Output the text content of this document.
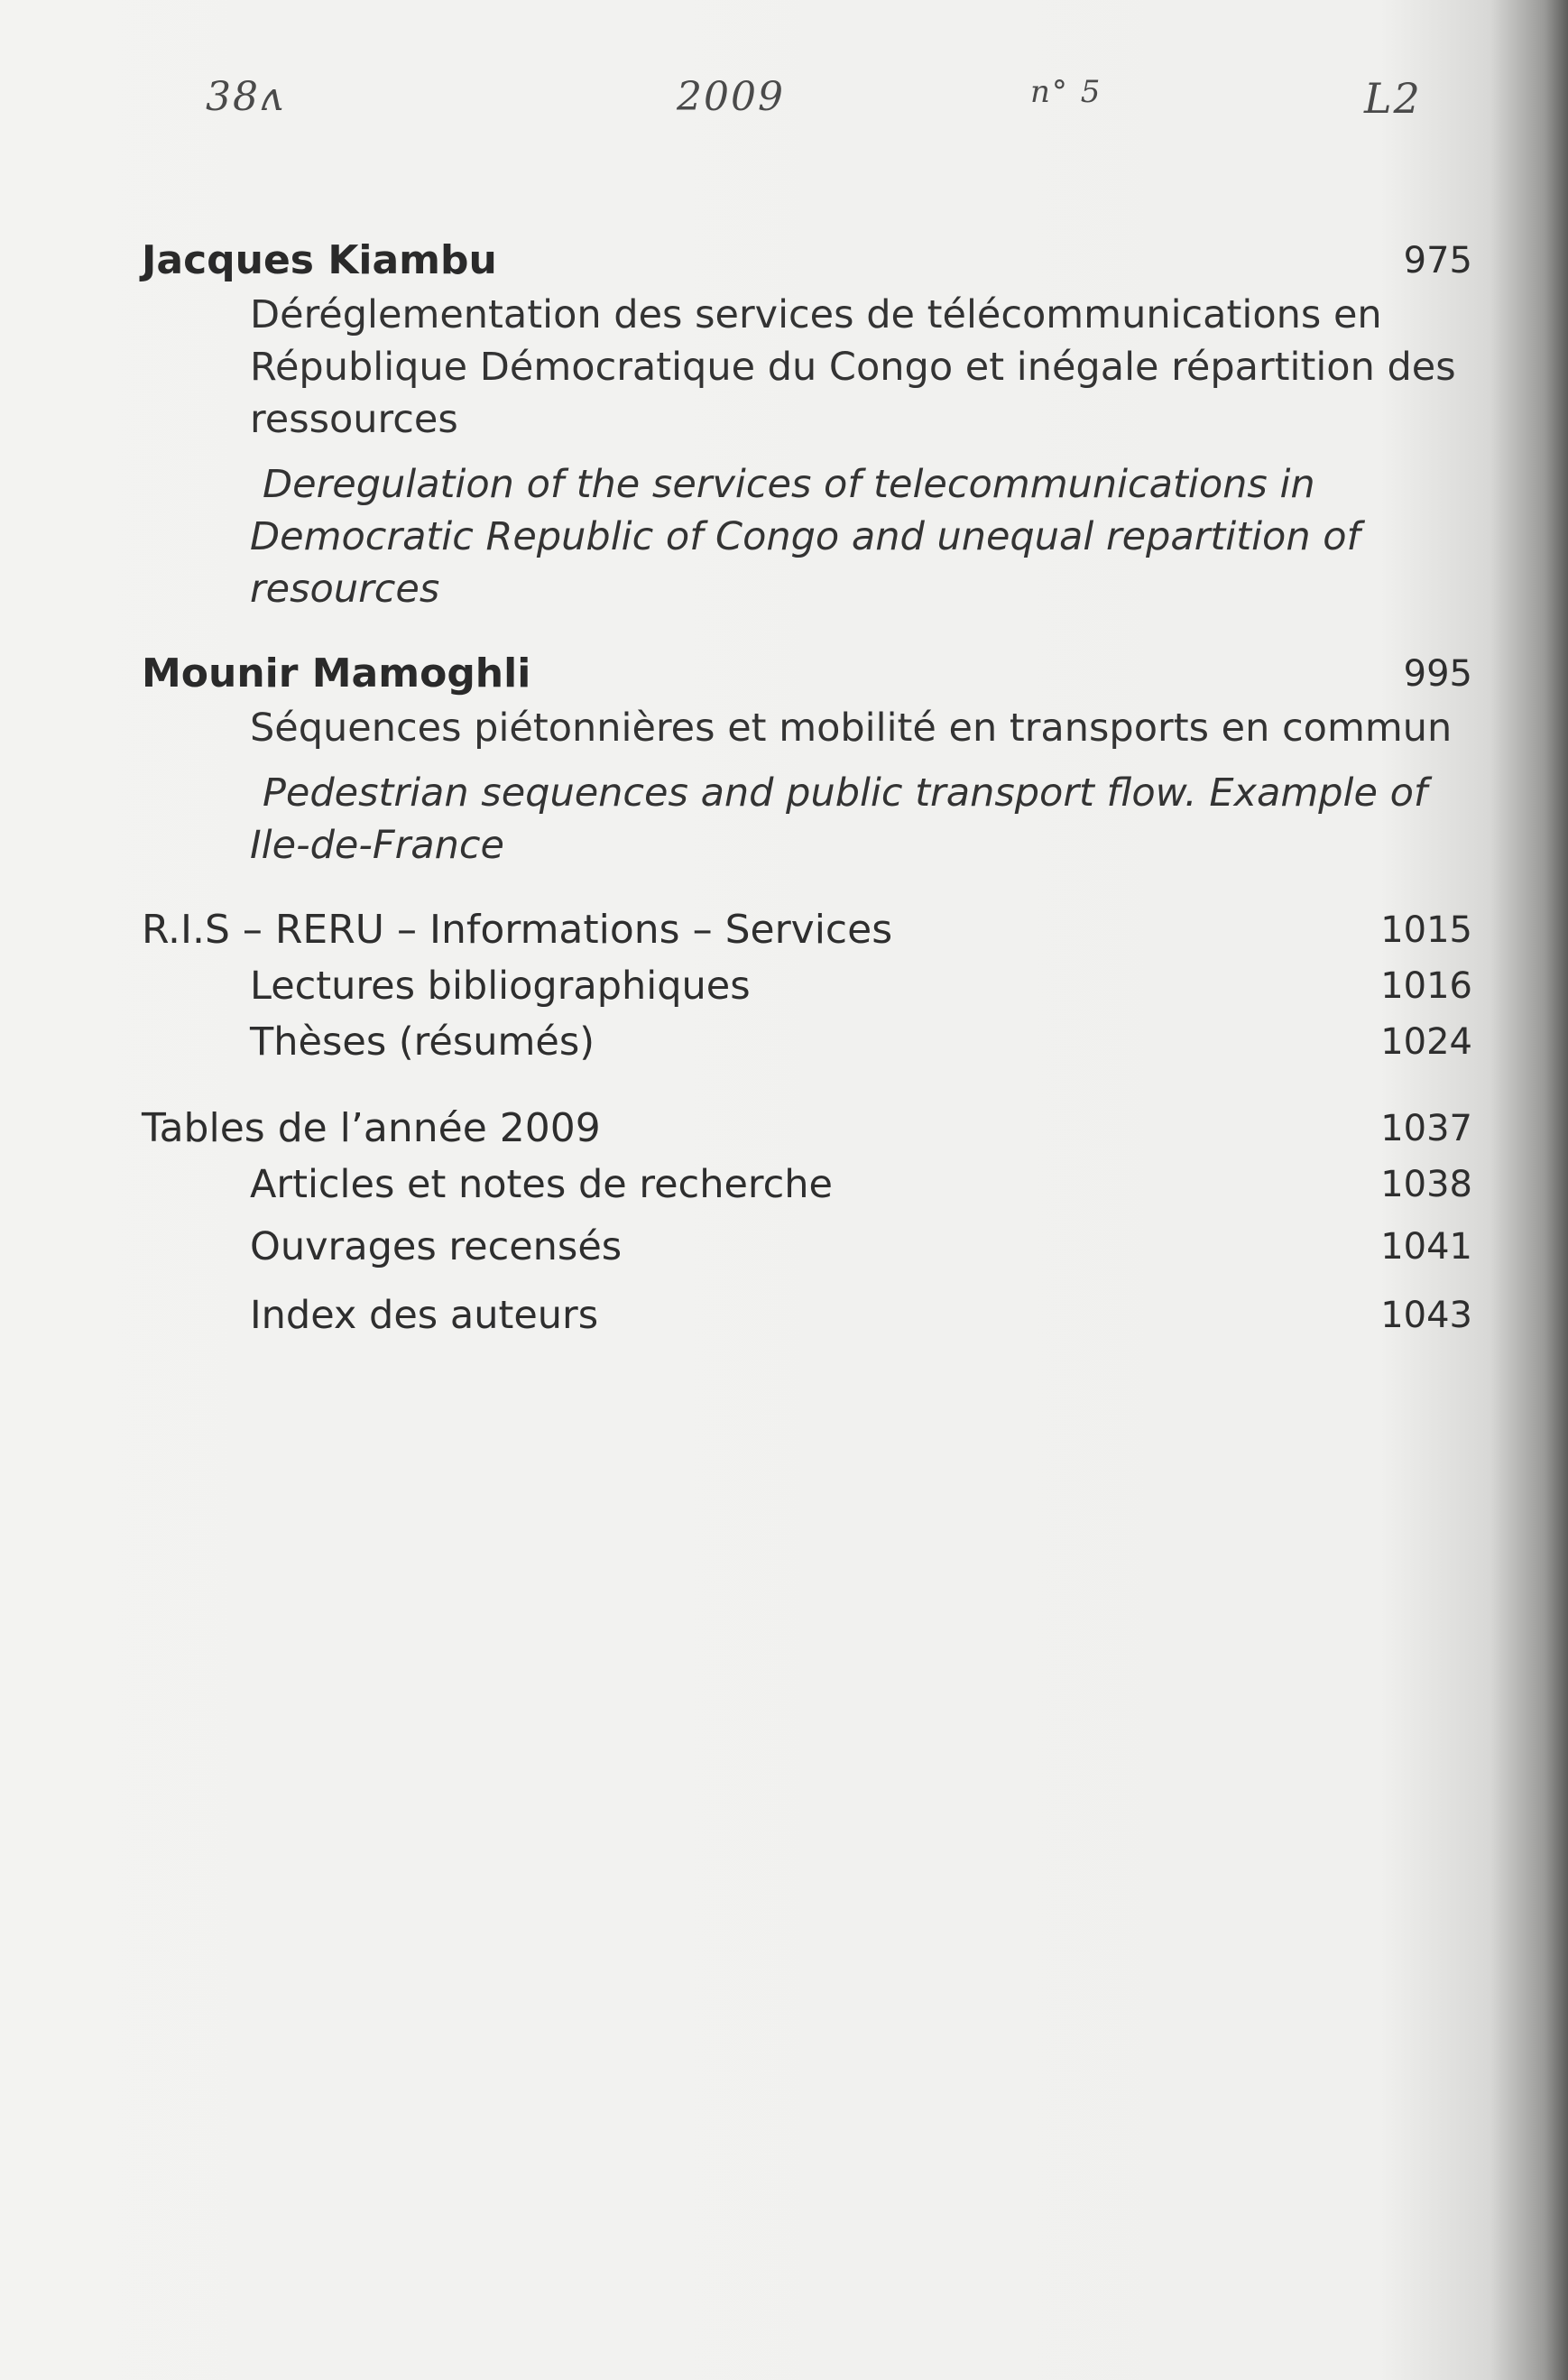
38ʌ	2009	n° 5	L2
Jacques Kiambu	975
Déréglementation des services de télécommunications en République Démocratique du Congo et inégale répartition des ressources
Deregulation of the services of telecommunications in Democratic Republic of Congo and unequal repartition of resources
Mounir Mamoghli	995
Séquences piétonnières et mobilité en transports en commun
Pedestrian sequences and public transport flow. Example of Ile-de-France
R.I.S – RERU – Informations – Services	1015
Lectures bibliographiques	1016
Thèses (résumés)	1024
Tables de l’année 2009	1037
Articles et notes de recherche	1038
Ouvrages recensés	1041
Index des auteurs	1043
